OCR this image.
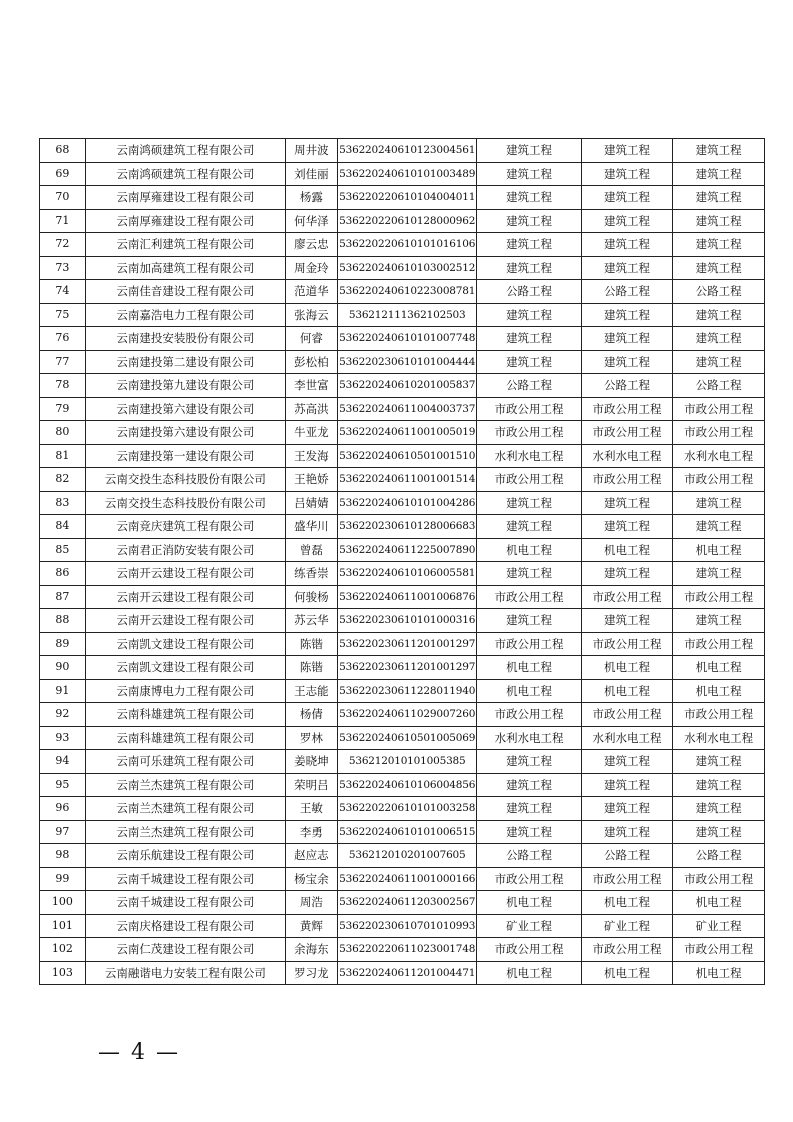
68	云南鸿硕建筑工程有限公司	周井波	53622024061012300456​1	建筑工程	建筑工程	建筑工程
69	云南鸿硕建筑工程有限公司	刘佳丽	536220240610101003489	建筑工程	建筑工程	建筑工程
70	云南厚雍建设工程有限公司	杨露	536220220610104004011	建筑工程	建筑工程	建筑工程
71	云南厚雍建设工程有限公司	何华泽	536220220610128000962	建筑工程	建筑工程	建筑工程
72	云南汇利建筑工程有限公司	廖云忠	536220220610101016106	建筑工程	建筑工程	建筑工程
73	云南加高建筑工程有限公司	周金玲	536220240610103002512	建筑工程	建筑工程	建筑工程
74	云南佳音建设工程有限公司	范道华	536220240610223008781	公路工程	公路工程	公路工程
75	云南嘉浩电力工程有限公司	张海云	536212111362102503	建筑工程	建筑工程	建筑工程
76	云南建投安装股份有限公司	何睿	536220240610101007748	建筑工程	建筑工程	建筑工程
77	云南建投第二建设有限公司	彭松柏	536220230610101004444	建筑工程	建筑工程	建筑工程
78	云南建投第九建设有限公司	李世富	536220240610201005837	公路工程	公路工程	公路工程
79	云南建投第六建设有限公司	苏高洪	536220240611004003737	市政公用工程	市政公用工程	市政公用工程
80	云南建投第六建设有限公司	牛亚龙	536220240611001005019	市政公用工程	市政公用工程	市政公用工程
81	云南建投第一建设有限公司	王发海	536220240610501001510	水利水电工程	水利水电工程	水利水电工程
82	云南交投生态科技股份有限公司	王艳娇	536220240611001001514	市政公用工程	市政公用工程	市政公用工程
83	云南交投生态科技股份有限公司	吕婧婧	536220240610101004286	建筑工程	建筑工程	建筑工程
84	云南竞庆建筑工程有限公司	盛华川	536220230610128006683	建筑工程	建筑工程	建筑工程
85	云南君正消防安装有限公司	曾磊	536220240611225007890	机电工程	机电工程	机电工程
86	云南开云建设工程有限公司	练香崇	536220240610106005581	建筑工程	建筑工程	建筑工程
87	云南开云建设工程有限公司	何骏杨	536220240611001006876	市政公用工程	市政公用工程	市政公用工程
88	云南开云建设工程有限公司	苏云华	536220230610101000316	建筑工程	建筑工程	建筑工程
89	云南凯文建设工程有限公司	陈锴	536220230611201001297	市政公用工程	市政公用工程	市政公用工程
90	云南凯文建设工程有限公司	陈锴	536220230611201001297	机电工程	机电工程	机电工程
91	云南康博电力工程有限公司	王志能	536220230611228011940	机电工程	机电工程	机电工程
92	云南科雄建筑工程有限公司	杨倩	536220240611029007260	市政公用工程	市政公用工程	市政公用工程
93	云南科雄建筑工程有限公司	罗林	536220240610501005069	水利水电工程	水利水电工程	水利水电工程
94	云南可乐建筑工程有限公司	姜晓坤	536212010101005385	建筑工程	建筑工程	建筑工程
95	云南兰杰建筑工程有限公司	荣明吕	536220240610106004856	建筑工程	建筑工程	建筑工程
96	云南兰杰建筑工程有限公司	王敏	536220220610101003258	建筑工程	建筑工程	建筑工程
97	云南兰杰建筑工程有限公司	李勇	536220240610101006515	建筑工程	建筑工程	建筑工程
98	云南乐航建设工程有限公司	赵应志	536212010201007605	公路工程	公路工程	公路工程
99	云南千城建设工程有限公司	杨宝余	536220240611001000166	市政公用工程	市政公用工程	市政公用工程
100	云南千城建设工程有限公司	周浩	536220240611203002567	机电工程	机电工程	机电工程
101	云南庆格建设工程有限公司	黄辉	536220230610701010993	矿业工程	矿业工程	矿业工程
102	云南仁茂建设工程有限公司	余海东	536220220611023001748	市政公用工程	市政公用工程	市政公用工程
103	云南融谐电力安装工程有限公司	罗习龙	536220240611201004471	机电工程	机电工程	机电工程
— 4 —
